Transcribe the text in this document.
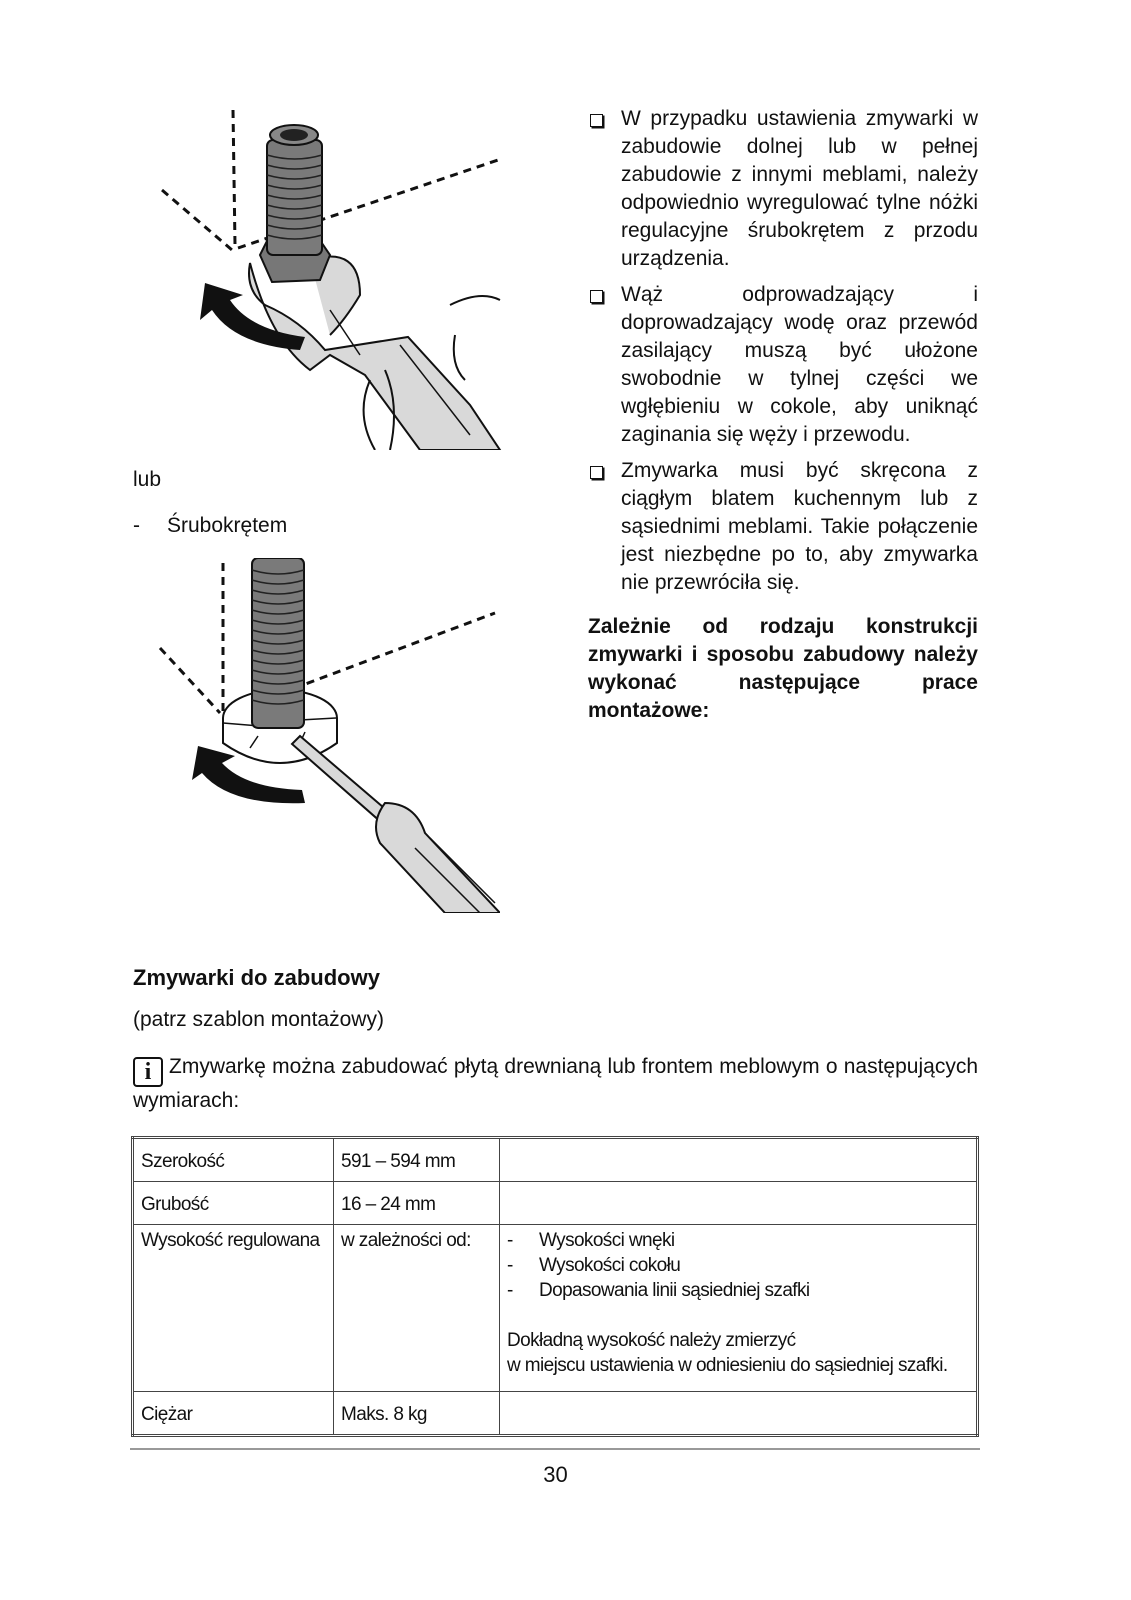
lub
- Śrubokrętem
W przypadku ustawienia zmywarki w zabudowie dolnej lub w pełnej zabudowie z innymi meblami, należy odpowiednio wyregulować tylne nóżki regulacyjne śrubokrętem z przodu urządzenia.
Wąż odprowadzający i doprowadzający wodę oraz przewód zasilający muszą być ułożone swobodnie w tylnej części we wgłębieniu w cokole, aby uniknąć zaginania się węży i przewodu.
Zmywarka musi być skręcona z ciągłym blatem kuchennym lub z sąsiednimi meblami. Takie połączenie jest niezbędne po to, aby zmywarka nie przewróciła się.
Zależnie od rodzaju konstrukcji zmywarki i sposobu zabudowy należy wykonać następujące prace montażowe:
Zmywarki do zabudowy
(patrz szablon montażowy)
i Zmywarkę można zabudować płytą drewnianą lub frontem meblowym o następujących wymiarach:
Szerokość	591 – 594 mm	
Grubość	16 – 24 mm	
Wysokość regulowana	w zależności od:	- Wysokości wnęki
- Wysokości cokołu
- Dopasowania linii sąsiedniej szafki
Dokładną wysokość należy zmierzyć
w miejscu ustawienia w odniesieniu do sąsiedniej szafki.

Ciężar	Maks. 8 kg	
30
